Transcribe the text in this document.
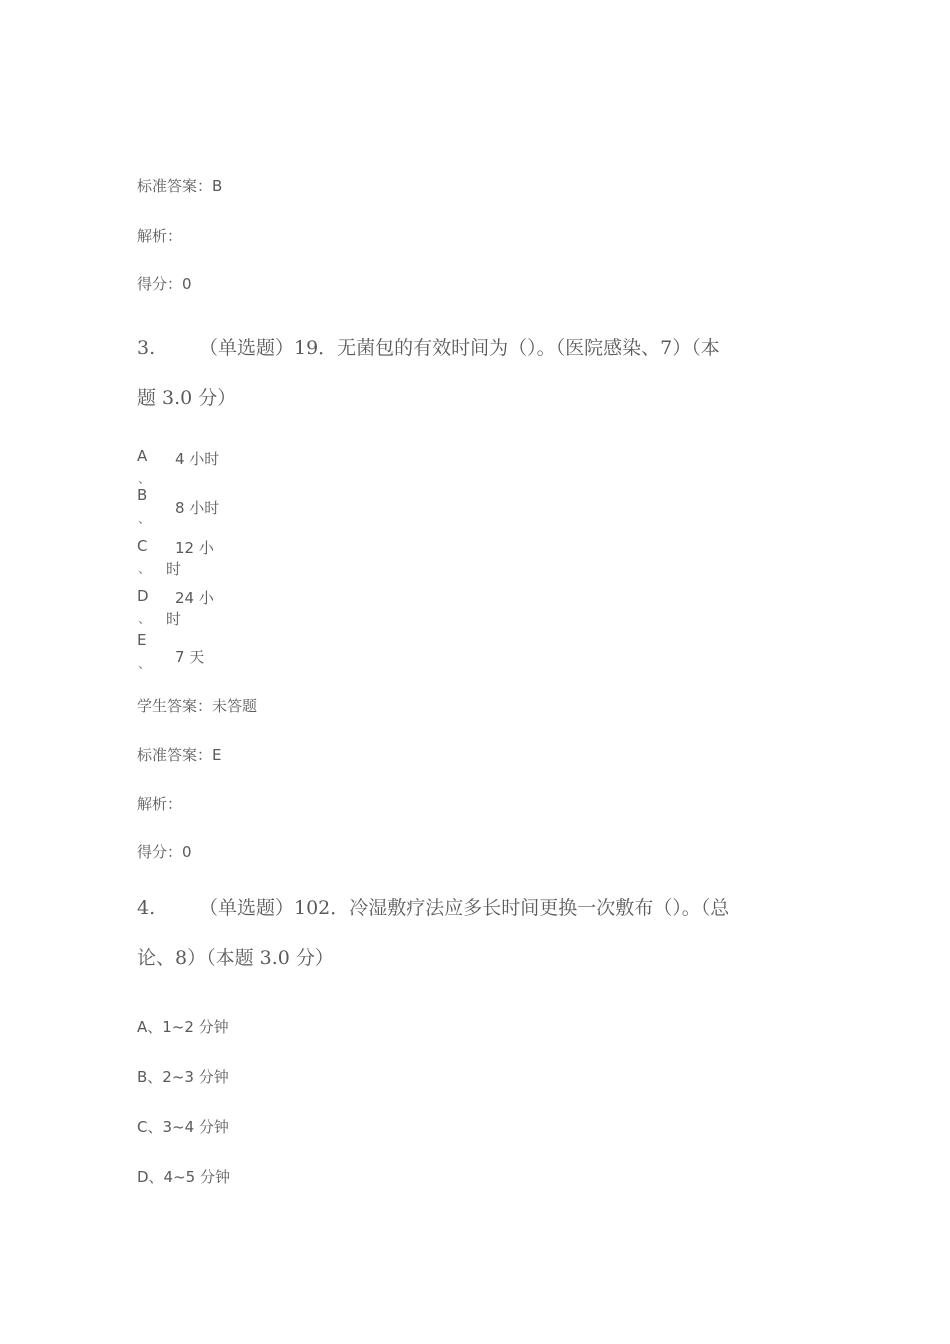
标准答案：B
解析：
得分：0
3. （单选题）19．无菌包的有效时间为（）。（医院感染、7）（本
题 3.0 分）
A
、
4 小时
B
、
8 小时
C
、
12 小
时
D
、
24 小
时
E
、 7 天
学生答案：未答题
标准答案：E
解析：
得分：0
4. （单选题）102．冷湿敷疗法应多长时间更换一次敷布（）。（总
论、8）（本题 3.0 分）
A、1~2 分钟
B、2~3 分钟
C、3~4 分钟
D、4~5 分钟
